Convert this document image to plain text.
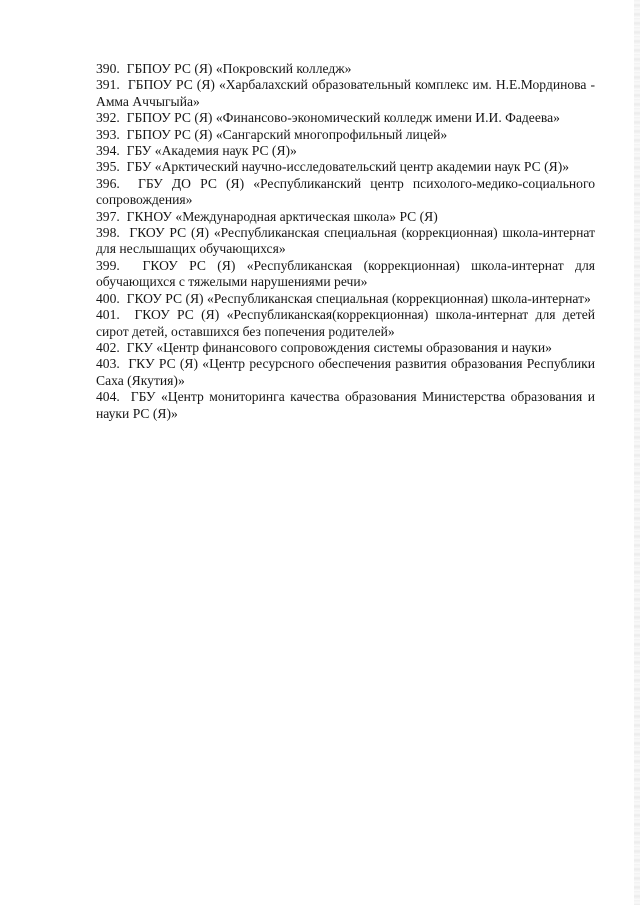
390. ГБПОУ РС (Я) «Покровский колледж»

391. ГБПОУ РС (Я) «Харбалахский образовательный комплекс им. Н.Е.Мординова - Амма Аччыгыйа»

392. ГБПОУ РС (Я) «Финансово-экономический колледж имени И.И. Фадеева»

393. ГБПОУ РС (Я) «Сангарский многопрофильный лицей»

394. ГБУ «Академия наук РС (Я)»

395. ГБУ «Арктический научно-исследовательский центр академии наук РС (Я)»

396. ГБУ ДО РС (Я) «Республиканский центр психолого-медико-социального сопровождения»

397. ГКНОУ «Международная арктическая школа» РС (Я)

398. ГКОУ РС (Я) «Республиканская специальная (коррекционная) школа-интернат для неслышащих обучающихся»

399. ГКОУ РС (Я) «Республиканская (коррекционная) школа-интернат для обучающихся с тяжелыми нарушениями речи»

400. ГКОУ РС (Я) «Республиканская специальная (коррекционная) школа-интернат»

401. ГКОУ РС (Я) «Республиканская(коррекционная) школа-интернат для детей сирот детей, оставшихся без попечения родителей»

402. ГКУ «Центр финансового сопровождения системы образования и науки»

403. ГКУ РС (Я) «Центр ресурсного обеспечения развития образования Республики Саха (Якутия)»

404. ГБУ «Центр мониторинга качества образования Министерства образования и науки РС (Я)»
